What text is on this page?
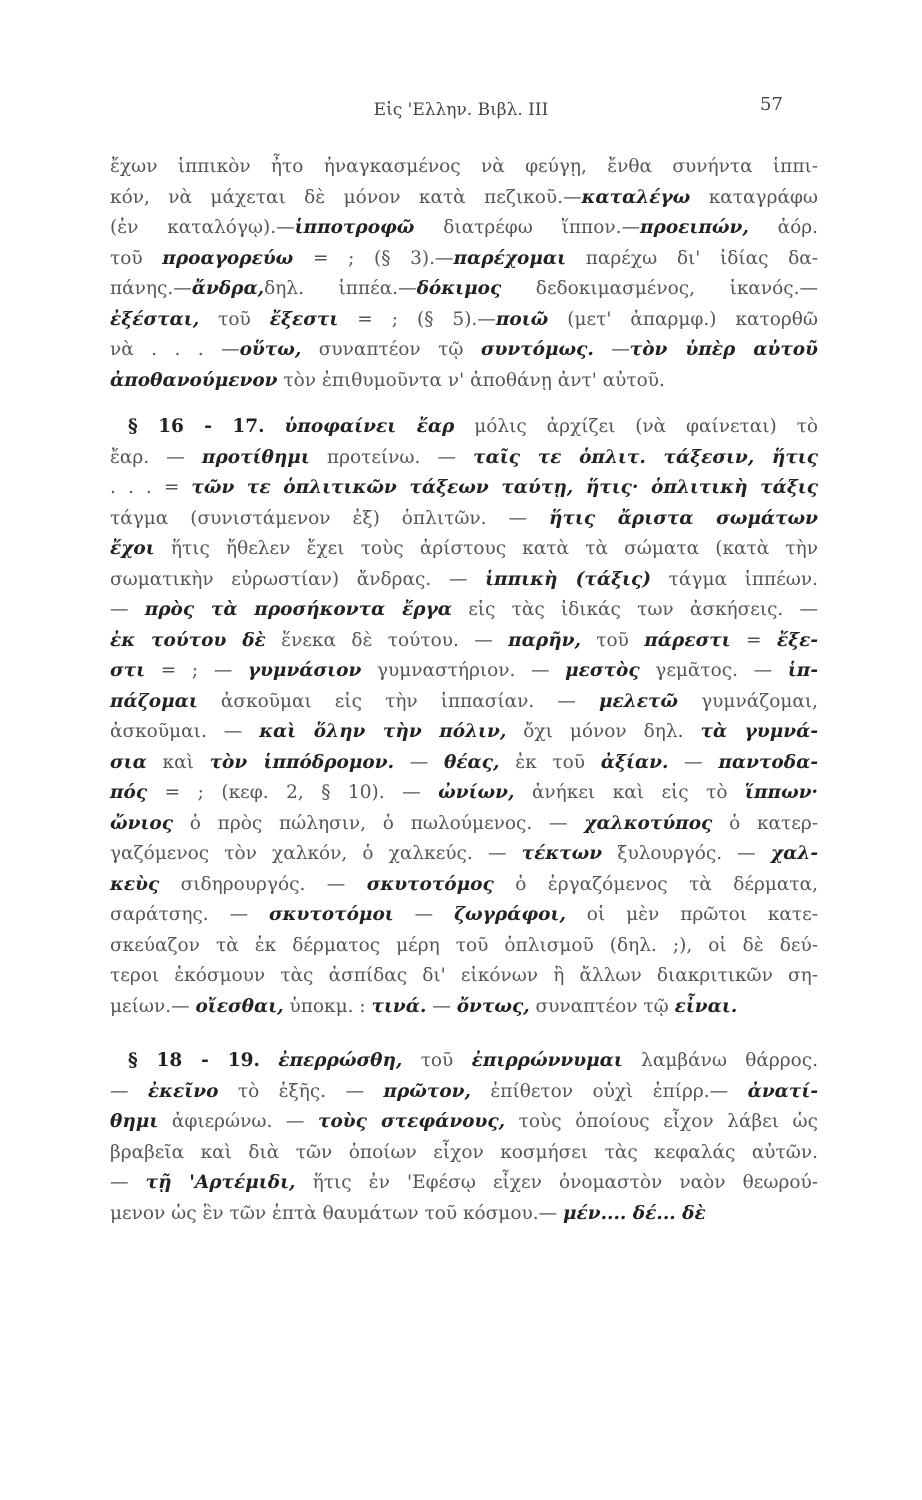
Εἰς 'Ελλην. Βιβλ. III	57
ἔχων ἱππικὸν ἦτο ἠναγκασμένος νὰ φεύγῃ, ἔνθα συνήντα ἱππι-
κόν, νὰ μάχεται δὲ μόνον κατὰ πεζικοῦ.—καταλέγω καταγράφω
(ἐν καταλόγῳ).—ἱπποτροφῶ διατρέφω ἵππον.—προειπών, ἀόρ.
τοῦ προαγορεύω = ; (§ 3).—παρέχομαι παρέχω δι' ἰδίας δα-
πάνης.—ἄνδρα,δηλ. ἱππέα.—δόκιμος δεδοκιμασμένος, ἱκανός.—
ἐξέσται, τοῦ ἔξεστι = ; (§ 5).—ποιῶ (μετ' ἀπαρμφ.) κατορθῶ
νὰ . . . —οὕτω, συναπτέον τῷ συντόμως. —τὸν ὑπὲρ αὐτοῦ
ἀποθανούμενον τὸν ἐπιθυμοῦντα ν' ἀποθάνῃ ἀντ' αὐτοῦ.
§ 16 - 17. ὑποφαίνει ἔαρ μόλις ἀρχίζει (νὰ φαίνεται) τὸ
ἔαρ. — προτίθημι προτείνω. — ταῖς τε ὁπλιτ. τάξεσιν, ἥτις
. . . = τῶν τε ὁπλιτικῶν τάξεων ταύτῃ, ἥτις· ὁπλιτικὴ τάξις
τάγμα (συνιστάμενον ἐξ) ὁπλιτῶν. — ἥτις ἄριστα σωμάτων
ἔχοι ἥτις ἤθελεν ἔχει τοὺς ἀρίστους κατὰ τὰ σώματα (κατὰ τὴν
σωματικὴν εὐρωστίαν) ἄνδρας. — ἱππικὴ (τάξις) τάγμα ἱππέων.
— πρὸς τὰ προσήκοντα ἔργα εἰς τὰς ἰδικάς των ἀσκήσεις. —
ἐκ τούτου δὲ ἕνεκα δὲ τούτου. — παρῆν, τοῦ πάρεστι = ἔξε-
στι = ; — γυμνάσιον γυμναστήριον. — μεστὸς γεμᾶτος. — ἱπ-
πάζομαι ἀσκοῦμαι εἰς τὴν ἱππασίαν. — μελετῶ γυμνάζομαι,
ἀσκοῦμαι. — καὶ ὅλην τὴν πόλιν, ὄχι μόνον δηλ. τὰ γυμνά-
σια καὶ τὸν ἱππόδρομον. — θέας, ἐκ τοῦ ἀξίαν. — παντοδα-
πός = ; (κεφ. 2, § 10). — ὠνίων, ἀνήκει καὶ εἰς τὸ ἵππων·
ὤνιος ὁ πρὸς πώλησιν, ὁ πωλούμενος. — χαλκοτύπος ὁ κατερ-
γαζόμενος τὸν χαλκόν, ὁ χαλκεύς. — τέκτων ξυλουργός. — χαλ-
κεὺς σιδηρουργός. — σκυτοτόμος ὁ ἐργαζόμενος τὰ δέρματα,
σαράτσης. — σκυτοτόμοι — ζωγράφοι, οἱ μὲν πρῶτοι κατε-
σκεύαζον τὰ ἐκ δέρματος μέρη τοῦ ὁπλισμοῦ (δηλ. ;), οἱ δὲ δεύ-
τεροι ἐκόσμουν τὰς ἀσπίδας δι' εἰκόνων ἢ ἄλλων διακριτικῶν ση-
μείων.— οἴεσθαι, ὑποκμ. : τινά. — ὄντως, συναπτέον τῷ εἶναι.
§ 18 - 19. ἐπερρώσθη, τοῦ ἐπιρρώννυμαι λαμβάνω θάρρος.
— ἐκεῖνο τὸ ἑξῆς. — πρῶτον, ἐπίθετον οὐχὶ ἐπίρρ.— ἀνατί-
θημι ἀφιερώνω. — τοὺς στεφάνους, τοὺς ὁποίους εἶχον λάβει ὡς
βραβεῖα καὶ διὰ τῶν ὁποίων εἶχον κοσμήσει τὰς κεφαλάς αὐτῶν.
— τῇ 'Αρτέμιδι, ἥτις ἐν 'Εφέσῳ εἶχεν ὀνομαστὸν ναὸν θεωρού-
μενον ὡς ἓν τῶν ἑπτὰ θαυμάτων τοῦ κόσμου.— μέν.... δέ... δὲ
